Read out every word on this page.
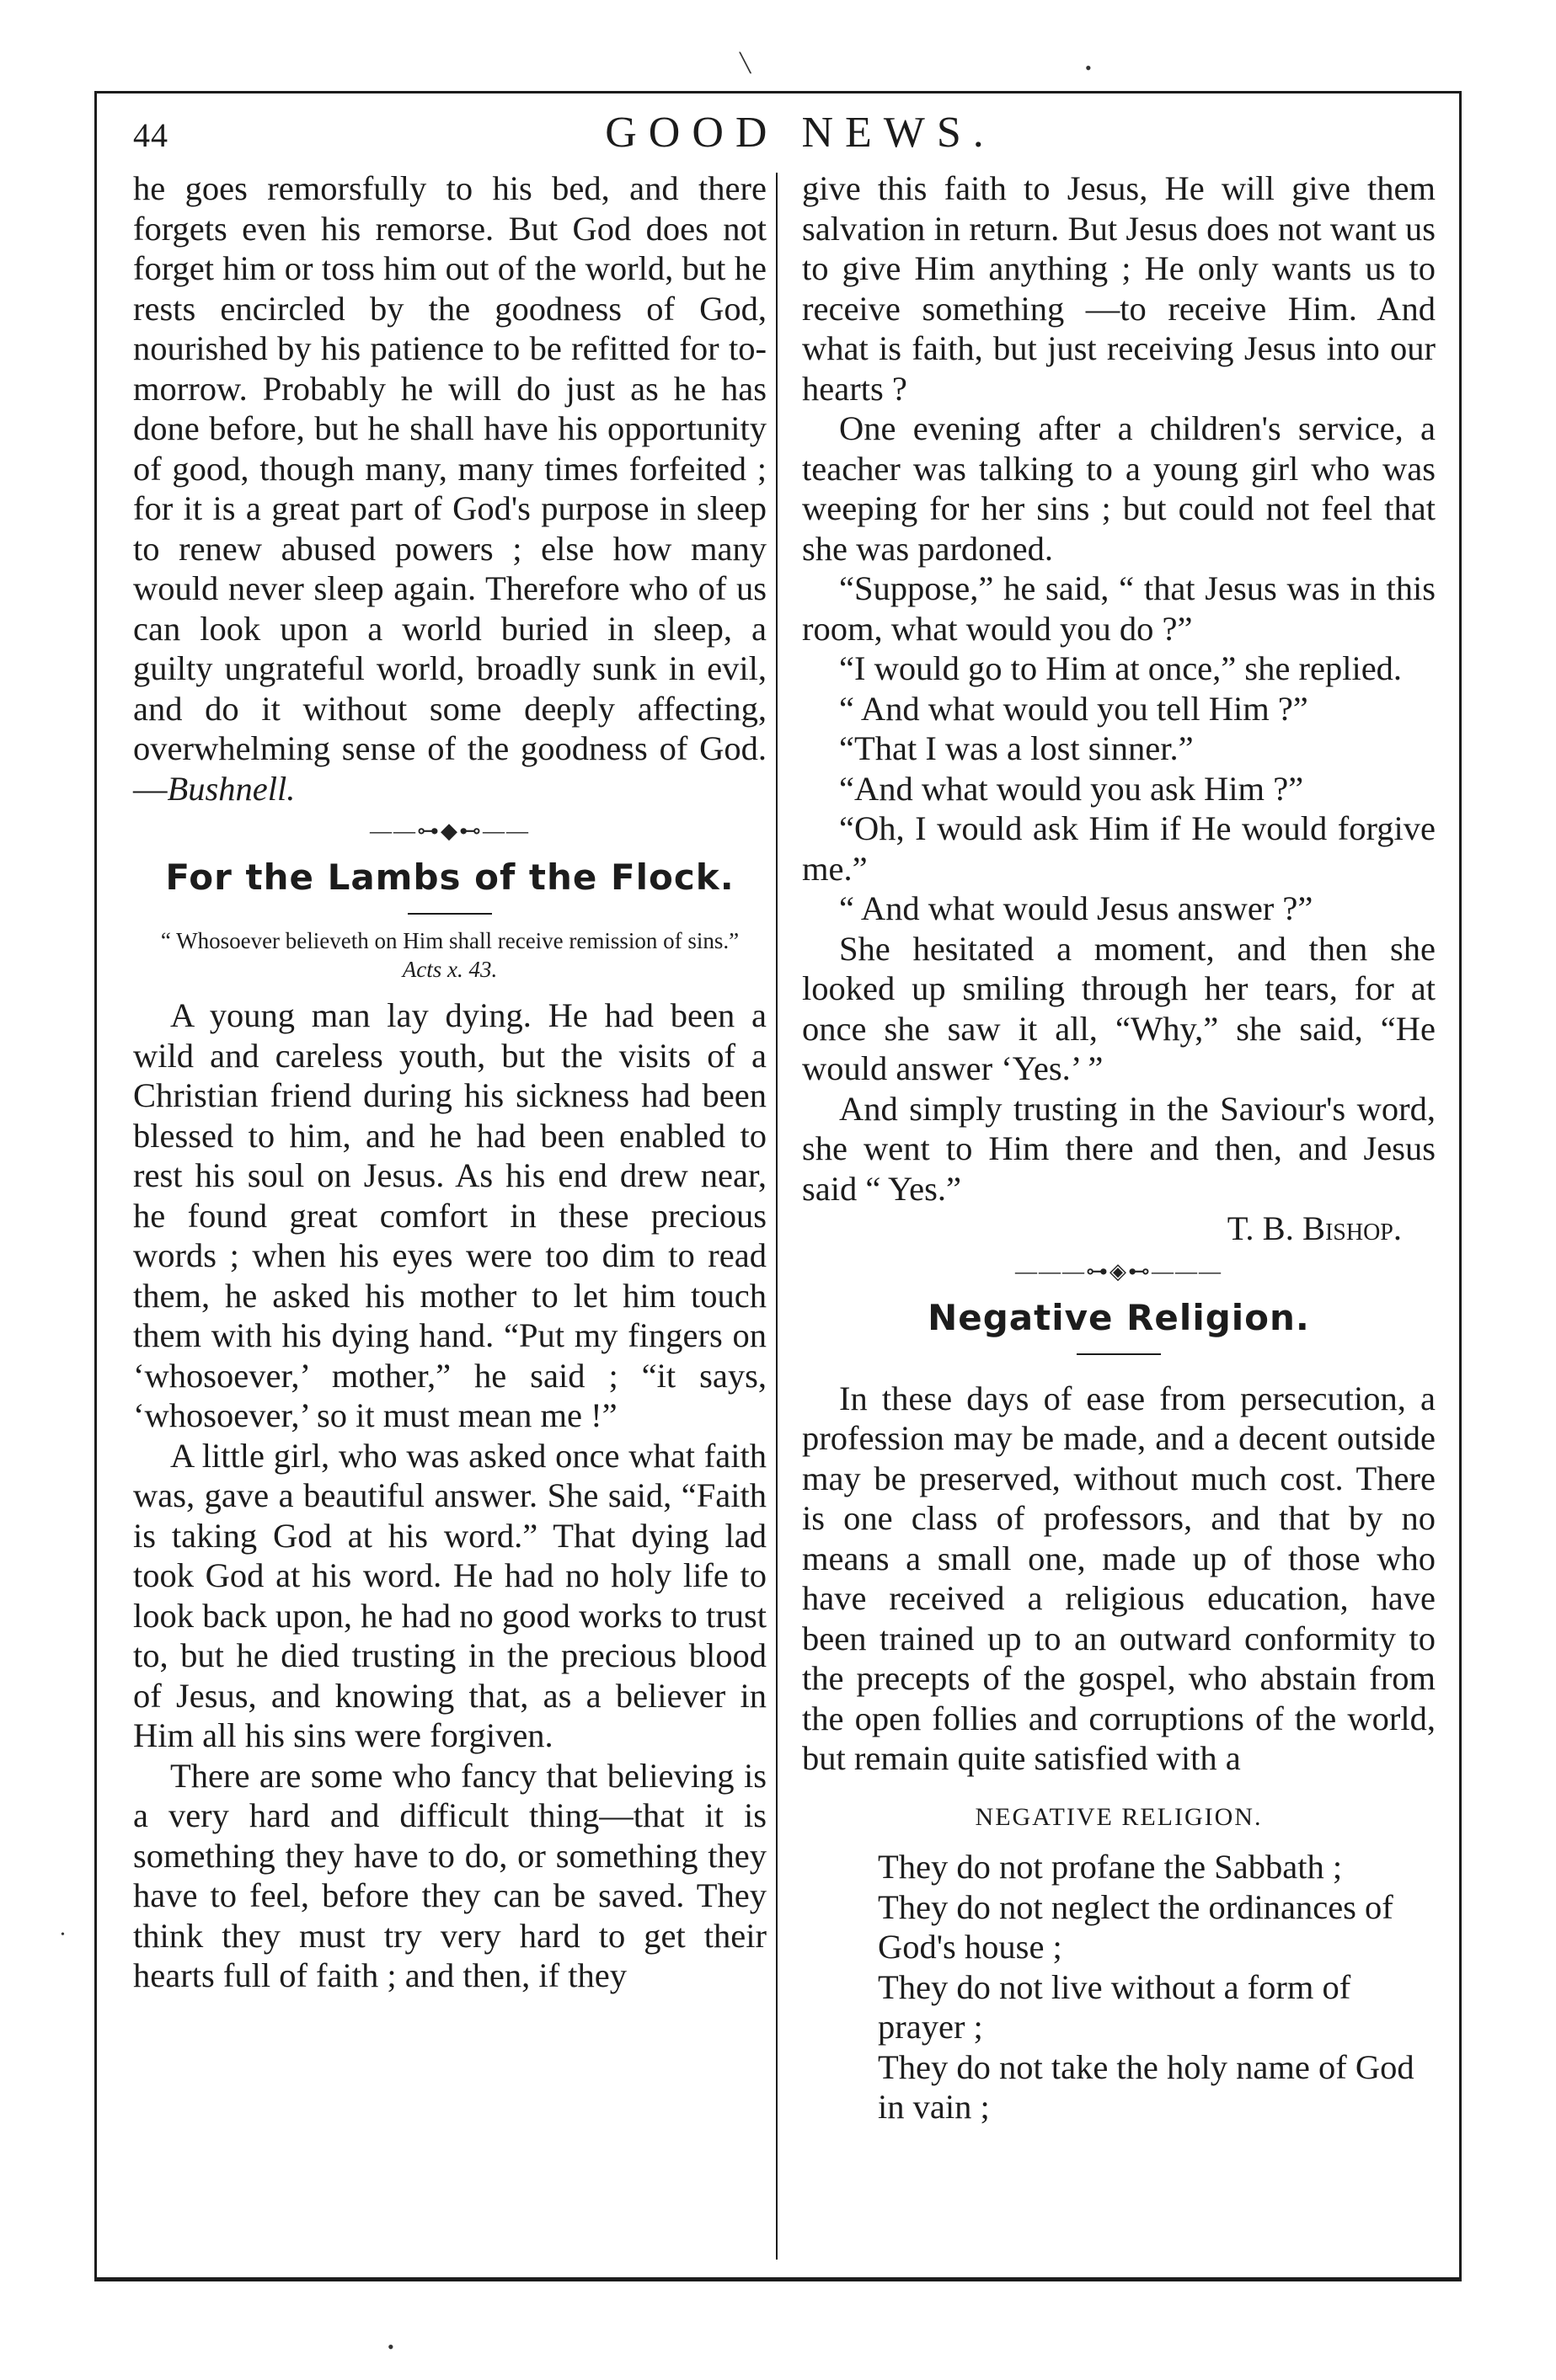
╲	•
•
•
44	GOOD NEWS.

he goes remorsfully to his bed, and there forgets even his remorse. But God does not forget him or toss him out of the world, but he rests encircled by the goodness of God, nourished by his patience to be refitted for to-morrow. Probably he will do just as he has done before, but he shall have his opportunity of good, though many, many times forfeited ; for it is a great part of God's purpose in sleep to renew abused powers ; else how many would never sleep again. Therefore who of us can look upon a world buried in sleep, a guilty ungrateful world, broadly sunk in evil, and do it without some deeply affecting, overwhelming sense of the goodness of God.—Bushnell.

——⊶◆⊷——
For the Lambs of the Flock.
“ Whosoever believeth on Him shall receive remission of sins.” Acts x. 43.

A young man lay dying. He had been a wild and careless youth, but the visits of a Christian friend during his sickness had been blessed to him, and he had been enabled to rest his soul on Jesus. As his end drew near, he found great comfort in these precious words ; when his eyes were too dim to read them, he asked his mother to let him touch them with his dying hand. “Put my fingers on ‘whosoever,’ mother,” he said ; “it says, ‘whosoever,’ so it must mean me !”

A little girl, who was asked once what faith was, gave a beautiful answer. She said, “Faith is taking God at his word.” That dying lad took God at his word. He had no holy life to look back upon, he had no good works to trust to, but he died trusting in the precious blood of Jesus, and knowing that, as a believer in Him all his sins were forgiven.

There are some who fancy that believing is a very hard and difficult thing—that it is something they have to do, or something they have to feel, before they can be saved. They think they must try very hard to get their hearts full of faith ; and then, if they

give this faith to Jesus, He will give them salvation in return. But Jesus does not want us to give Him anything ; He only wants us to receive something —to receive Him. And what is faith, but just receiving Jesus into our hearts ?

One evening after a children's service, a teacher was talking to a young girl who was weeping for her sins ; but could not feel that she was pardoned.

“Suppose,” he said, “ that Jesus was in this room, what would you do ?”

“I would go to Him at once,” she replied.

“ And what would you tell Him ?”

“That I was a lost sinner.”

“And what would you ask Him ?”

“Oh, I would ask Him if He would forgive me.”

“ And what would Jesus answer ?”

She hesitated a moment, and then she looked up smiling through her tears, for at once she saw it all, “Why,” she said, “He would answer ‘Yes.’ ”

And simply trusting in the Saviour's word, she went to Him there and then, and Jesus said “ Yes.”

T. B. Bishop.

———⊶◈⊷———
Negative Religion.

In these days of ease from persecution, a profession may be made, and a decent outside may be preserved, without much cost. There is one class of professors, and that by no means a small one, made up of those who have received a religious education, have been trained up to an outward conformity to the precepts of the gospel, who abstain from the open follies and corruptions of the world, but remain quite satisfied with a

NEGATIVE RELIGION.

They do not profane the Sabbath ;

They do not neglect the ordinances of God's house ;

They do not live without a form of prayer ;

They do not take the holy name of God in vain ;
